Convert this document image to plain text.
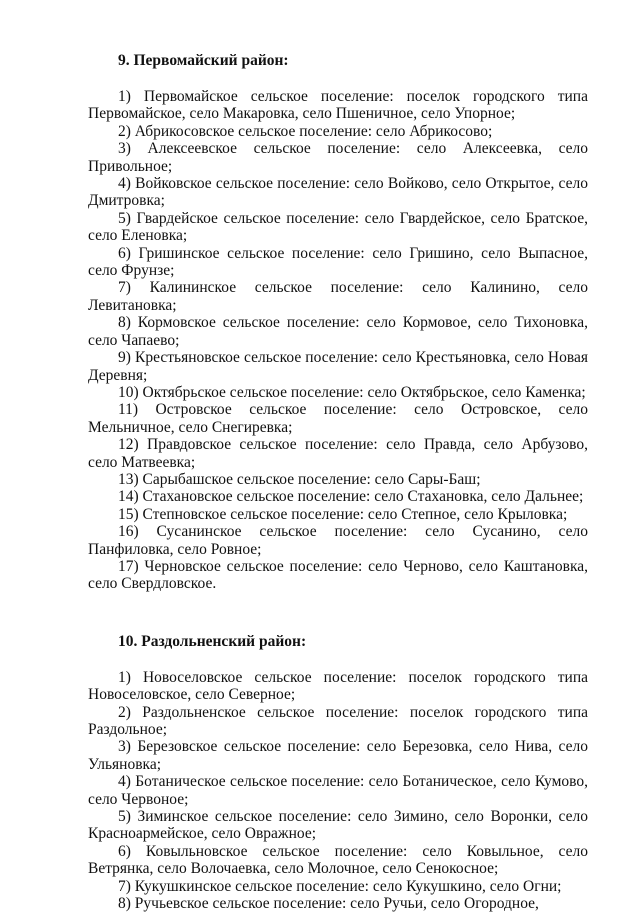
9. Первомайский район:

1) Первомайское сельское поселение: поселок городского типа Первомайское, село Макаровка, село Пшеничное, село Упорное;

2) Абрикосовское сельское поселение: село Абрикосово;

3) Алексеевское сельское поселение: село Алексеевка, село Привольное;

4) Войковское сельское поселение: село Войково, село Открытое, село Дмитровка;

5) Гвардейское сельское поселение: село Гвардейское, село Братское, село Еленовка;

6) Гришинское сельское поселение: село Гришино, село Выпасное, село Фрунзе;

7) Калининское сельское поселение: село Калинино, село Левитановка;

8) Кормовское сельское поселение: село Кормовое, село Тихоновка, село Чапаево;

9) Крестьяновское сельское поселение: село Крестьяновка, село Новая Деревня;

10) Октябрьское сельское поселение: село Октябрьское, село Каменка;

11) Островское сельское поселение: село Островское, село Мельничное, село Снегиревка;

12) Правдовское сельское поселение: село Правда, село Арбузово, село Матвеевка;

13) Сарыбашское сельское поселение: село Сары-Баш;

14) Стахановское сельское поселение: село Стахановка, село Дальнее;

15) Степновское сельское поселение: село Степное, село Крыловка;

16) Сусанинское сельское поселение: село Сусанино, село Панфиловка, село Ровное;

17) Черновское сельское поселение: село Черново, село Каштановка, село Свердловское.

10. Раздольненский район:

1) Новоселовское сельское поселение: поселок городского типа Новоселовское, село Северное;

2) Раздольненское сельское поселение: поселок городского типа Раздольное;

3) Березовское сельское поселение: село Березовка, село Нива, село Ульяновка;

4) Ботаническое сельское поселение: село Ботаническое, село Кумово, село Червоное;

5) Зиминское сельское поселение: село Зимино, село Воронки, село Красноармейское, село Овражное;

6) Ковыльновское сельское поселение: село Ковыльное, село Ветрянка, село Волочаевка, село Молочное, село Сенокосное;

7) Кукушкинское сельское поселение: село Кукушкино, село Огни;

8) Ручьевское сельское поселение: село Ручьи, село Огородное,
